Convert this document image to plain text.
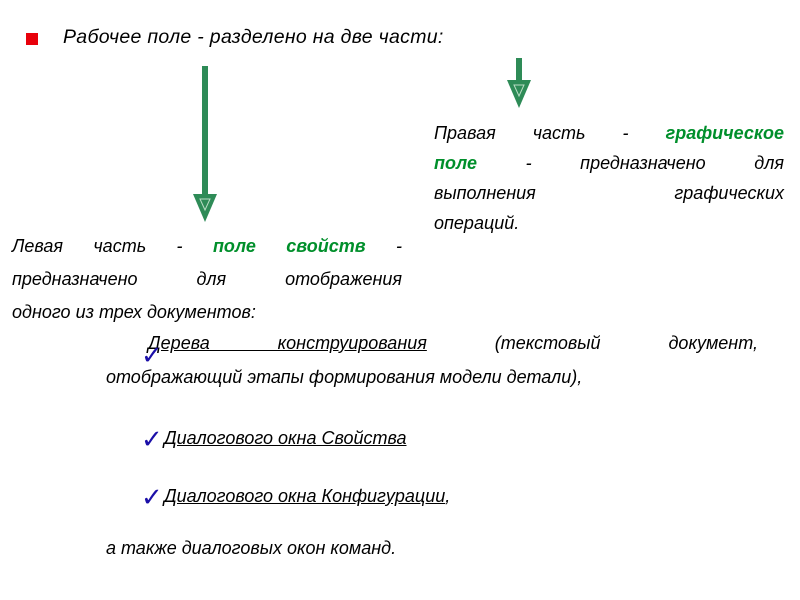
Рабочее поле - разделено на две части:
Правая часть - графическое
поле - предназначено для
выполнения графических
операций.
Левая часть - поле свойств -
предназначено для отображения
одного из трех документов:
Дерева конструирования (текстовый документ,
отображающий этапы формирования модели детали),
✓
✓ Диалогового окна Свойства
✓ Диалогового окна Конфигурации,
а также диалоговых окон команд.
